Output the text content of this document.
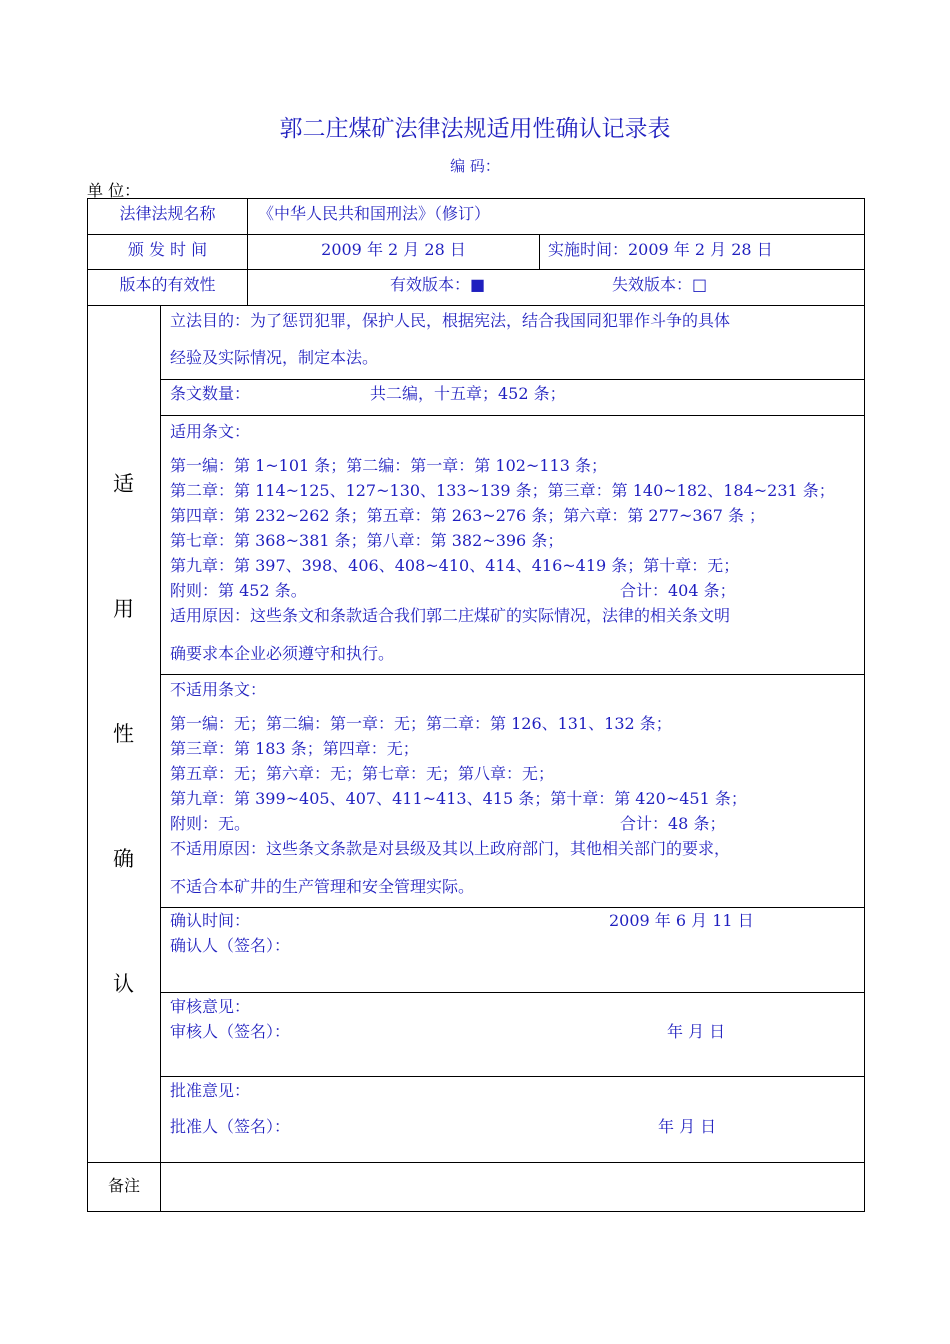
郭二庄煤矿法律法规适用性确认记录表
编 码：
单 位：
法律法规名称	《中华人民共和国刑法》（修订）
颁 发 时 间	2009 年 2 月 28 日	实施时间：2009 年 2 月 28 日
版本的有效性	有效版本：■	失效版本：□
适
用
性
确
认
立法目的：为了惩罚犯罪，保护人民，根据宪法，结合我国同犯罪作斗争的具体
经验及实际情况，制定本法。
条文数量：	共二编，十五章；452 条；
适用条文：
第一编：第 1~101 条；第二编：第一章：第 102~113 条；
第二章：第 114~125、127~130、133~139 条；第三章：第 140~182、184~231 条；
第四章：第 232~262 条；第五章：第 263~276 条；第六章：第 277~367 条 ；
第七章：第 368~381 条；第八章：第 382~396 条；
第九章：第 397、398、406、408~410、414、416~419 条；第十章：无；
附则：第 452 条。	合计：404 条；
适用原因：这些条文和条款适合我们郭二庄煤矿的实际情况，法律的相关条文明
确要求本企业必须遵守和执行。
不适用条文：
第一编：无；第二编：第一章：无；第二章：第 126、131、132 条；
第三章：第 183 条；第四章：无；
第五章：无；第六章：无；第七章：无；第八章：无；
第九章：第 399~405、407、411~413、415 条；第十章：第 420~451 条；
附则：无。	合计：48 条；
不适用原因：这些条文条款是对县级及其以上政府部门，其他相关部门的要求，
不适合本矿井的生产管理和安全管理实际。
确认时间：	2009 年 6 月 11 日
确认人（签名）：
审核意见：
审核人（签名）：	年 月 日
批准意见：
批准人（签名）：	年 月 日
备注
